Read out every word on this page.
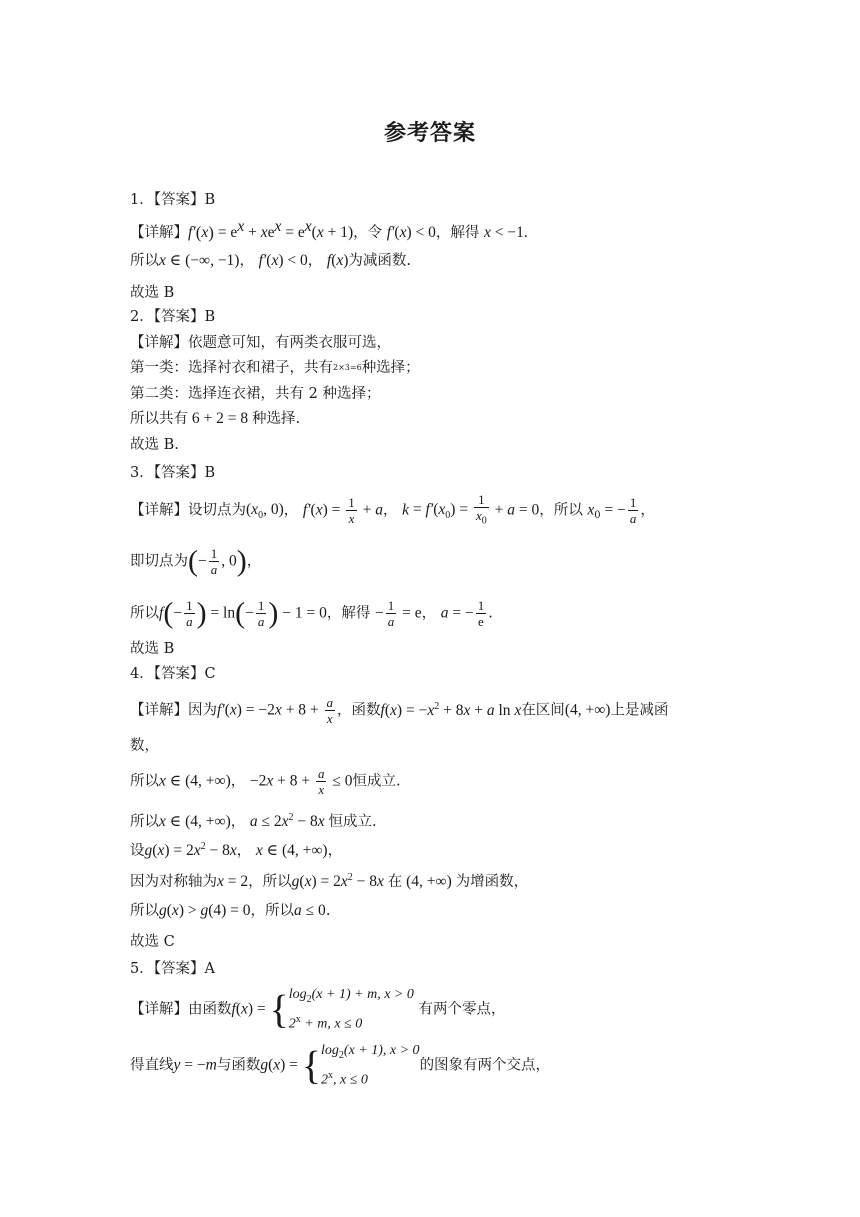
参考答案
1．【答案】B
【详解】$f'(x) = e^x + xe^x = e^x(x + 1)$，令 f′(x) < 0，解得 x < −1.
所以x ∈ (−∞, −1)， f′(x) < 0， f(x)为减函数.
故选 B
2．【答案】B
【详解】依题意可知，有两类衣服可选，
第一类：选择衬衣和裙子，共有2×3=6种选择；
第二类：选择连衣裙，共有 2 种选择；
所以共有 6 + 2 = 8 种选择.
故选 B.
3．【答案】B
【详解】设切点为($x_0$, 0)， $f'(x) = \frac{1}{x} + a$， $k = f'(x_0) = \frac{1}{x_0} + a = 0$，所以 $x_0$ = − $\frac{1}{a}$ ，
即切点为(− $\frac{1}{a}$ , 0)，
所以$f(- \frac{1}{a}$ ) = $\ln(- \frac{1}{a}$ ) − 1 = 0，解得 − $\frac{1}{a} = e$， a = − $\frac{1}{e}$ .
故选 B
4．【答案】C
【详解】因为$f'(x) = -2x + 8 + \frac{a}{x}$ ，函数$f(x) = -x^2 + 8x + a$ ln x在区间(4, +∞)上是减函
数，
所以x ∈ (4, +∞)， $-2x + 8 + \frac{a}{x} \le 0$恒成立.
所以x ∈ (4, +∞)， $a \le 2x^2 - 8x$ 恒成立.
设$g(x) = 2x^2 - 8x$， x ∈ (4, +∞)，
因为对称轴为x = 2，所以$g(x) = 2x^2 - 8x$ 在 (4, +∞) 为增函数，
所以g(x) > g(4) = 0，所以a ≤ 0.
故选 C
5．【答案】A
【详解】由函数f(x) = { $\log_2(x + 1) + m$, x > 0
$2^x + m$, x ≤ 0
有两个零点，
得直线y = −m与函数g(x) = { $\log_2(x + 1)$, x > 0
2$^x$, x ≤ 0
的图象有两个交点，
